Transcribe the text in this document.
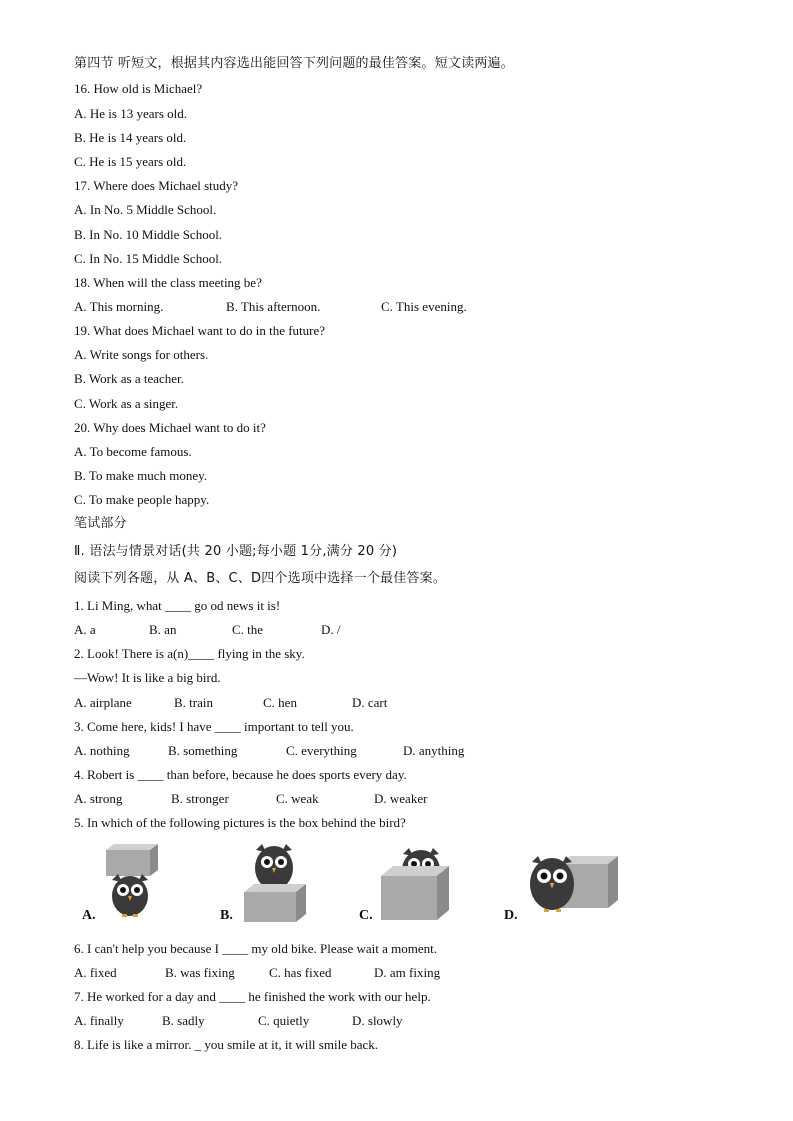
第四节 听短文，根据其内容选出能回答下列问题的最佳答案。短文读两遍。
16. How old is Michael?
A. He is 13 years old.
B. He is 14 years old.
C. He is 15 years old.
17. Where does Michael study?
A. In No. 5 Middle School.
B. In No. 10 Middle School.
C. In No. 15 Middle School.
18. When will the class meeting be?
A. This morning.	B. This afternoon.	C. This evening.
19. What does Michael want to do in the future?
A. Write songs for others.
B. Work as a teacher.
C. Work as a singer.
20. Why does Michael want to do it?
A. To become famous.
B. To make much money.
C. To make people happy.
笔试部分
Ⅱ. 语法与情景对话(共 20 小题;每小题 1分,满分 20 分)
阅读下列各题，从 A、B、C、D四个选项中选择一个最佳答案。
1. Li Ming, what ____ go od news it is!
A. a	B. an	C. the	D. /
2. Look! There is a(n)____ flying in the sky.
—Wow! It is like a big bird.
A. airplane	B. train	C. hen	D. cart
3. Come here, kids! I have ____ important to tell you.
A. nothing	B. something	C. everything	D. anything
4. Robert is ____ than before, because he does sports every day.
A. strong	B. stronger	C. weak	D. weaker
5. In which of the following pictures is the box behind the bird?
A.	B.	C.	D.
6. I can't help you because I ____ my old bike. Please wait a moment.
A. fixed	B. was fixing	C. has fixed	D. am fixing
7. He worked for a day and ____ he finished the work with our help.
A. finally	B. sadly	C. quietly	D. slowly
8. Life is like a mirror. _ you smile at it, it will smile back.
